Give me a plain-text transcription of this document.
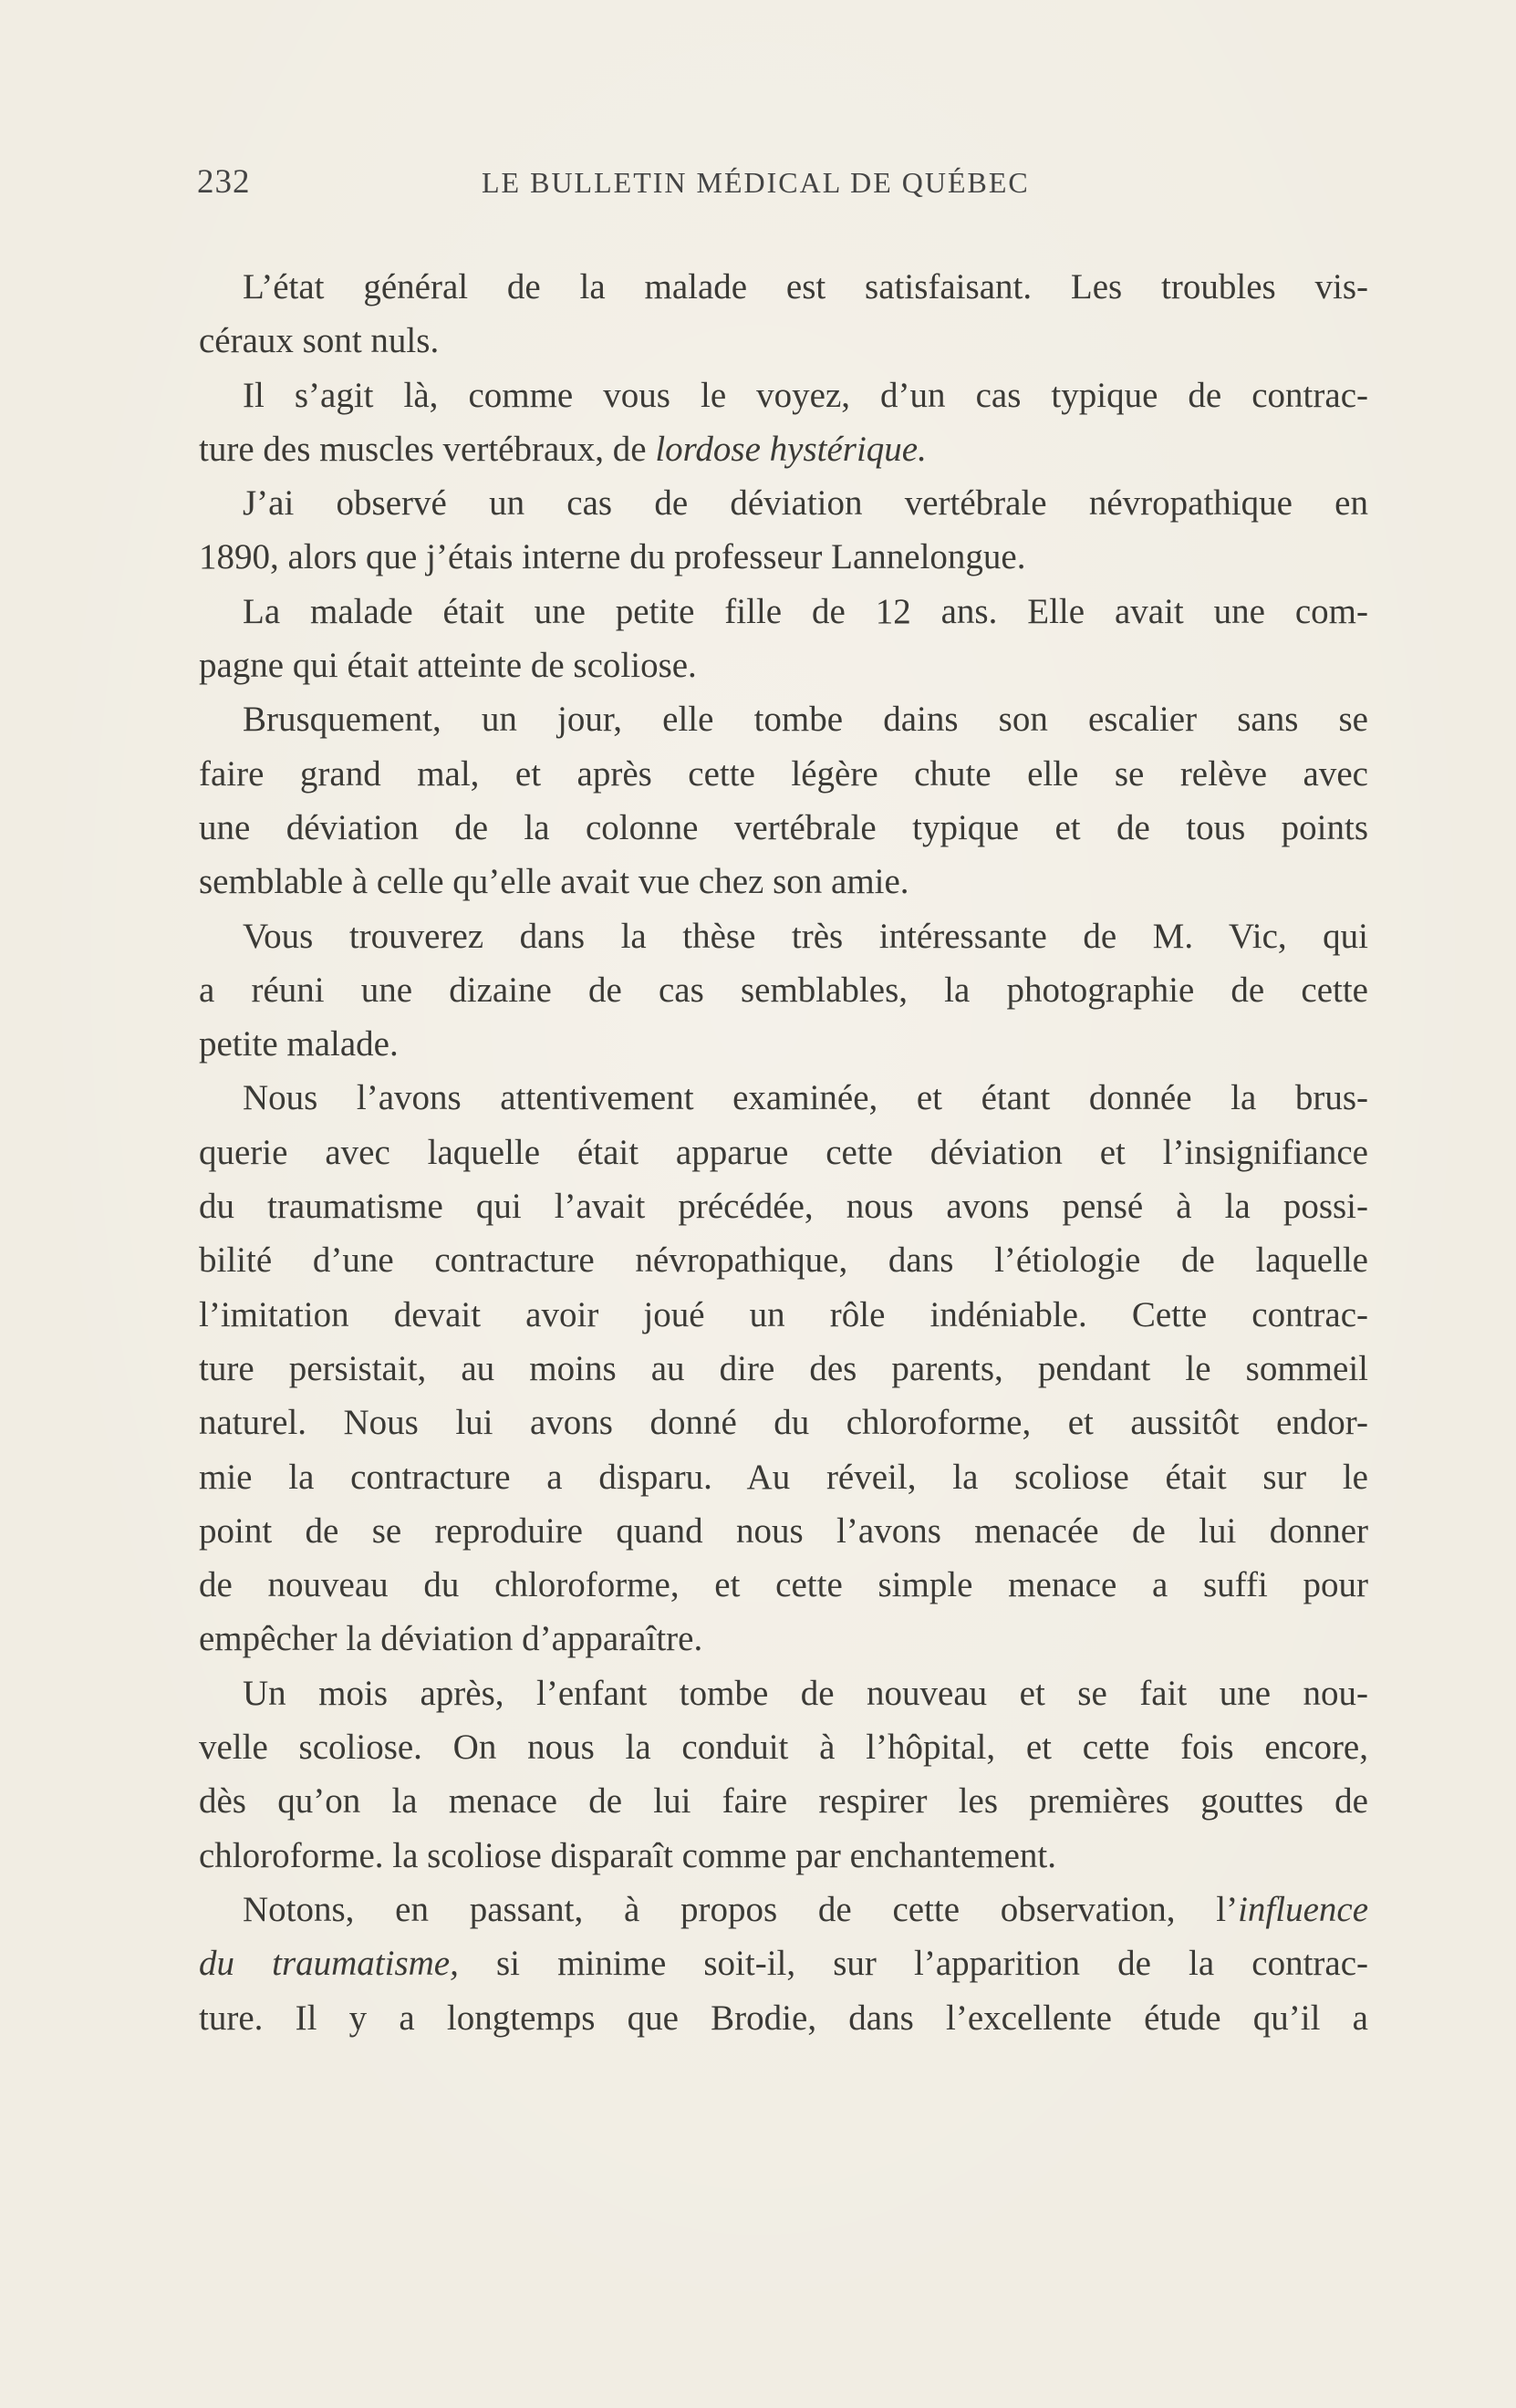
232	LE BULLETIN MÉDICAL DE QUÉBEC
L’état général de la malade est satisfaisant. Les troubles vis-
céraux sont nuls.
Il s’agit là, comme vous le voyez, d’un cas typique de contrac-
ture des muscles vertébraux, de lordose hystérique.
J’ai observé un cas de déviation vertébrale névropathique en
1890, alors que j’étais interne du professeur Lannelongue.
La malade était une petite fille de 12 ans. Elle avait une com-
pagne qui était atteinte de scoliose.
Brusquement, un jour, elle tombe dains son escalier sans se
faire grand mal, et après cette légère chute elle se relève avec
une déviation de la colonne vertébrale typique et de tous points
semblable à celle qu’elle avait vue chez son amie.
Vous trouverez dans la thèse très intéressante de M. Vic, qui
a réuni une dizaine de cas semblables, la photographie de cette
petite malade.
Nous l’avons attentivement examinée, et étant donnée la brus-
querie avec laquelle était apparue cette déviation et l’insignifiance
du traumatisme qui l’avait précédée, nous avons pensé à la possi-
bilité d’une contracture névropathique, dans l’étiologie de laquelle
l’imitation devait avoir joué un rôle indéniable. Cette contrac-
ture persistait, au moins au dire des parents, pendant le sommeil
naturel. Nous lui avons donné du chloroforme, et aussitôt endor-
mie la contracture a disparu. Au réveil, la scoliose était sur le
point de se reproduire quand nous l’avons menacée de lui donner
de nouveau du chloroforme, et cette simple menace a suffi pour
empêcher la déviation d’apparaître.
Un mois après, l’enfant tombe de nouveau et se fait une nou-
velle scoliose. On nous la conduit à l’hôpital, et cette fois encore,
dès qu’on la menace de lui faire respirer les premières gouttes de
chloroforme. la scoliose disparaît comme par enchantement.
Notons, en passant, à propos de cette observation, l’influence
du traumatisme, si minime soit-il, sur l’apparition de la contrac-
ture. Il y a longtemps que Brodie, dans l’excellente étude qu’il a
